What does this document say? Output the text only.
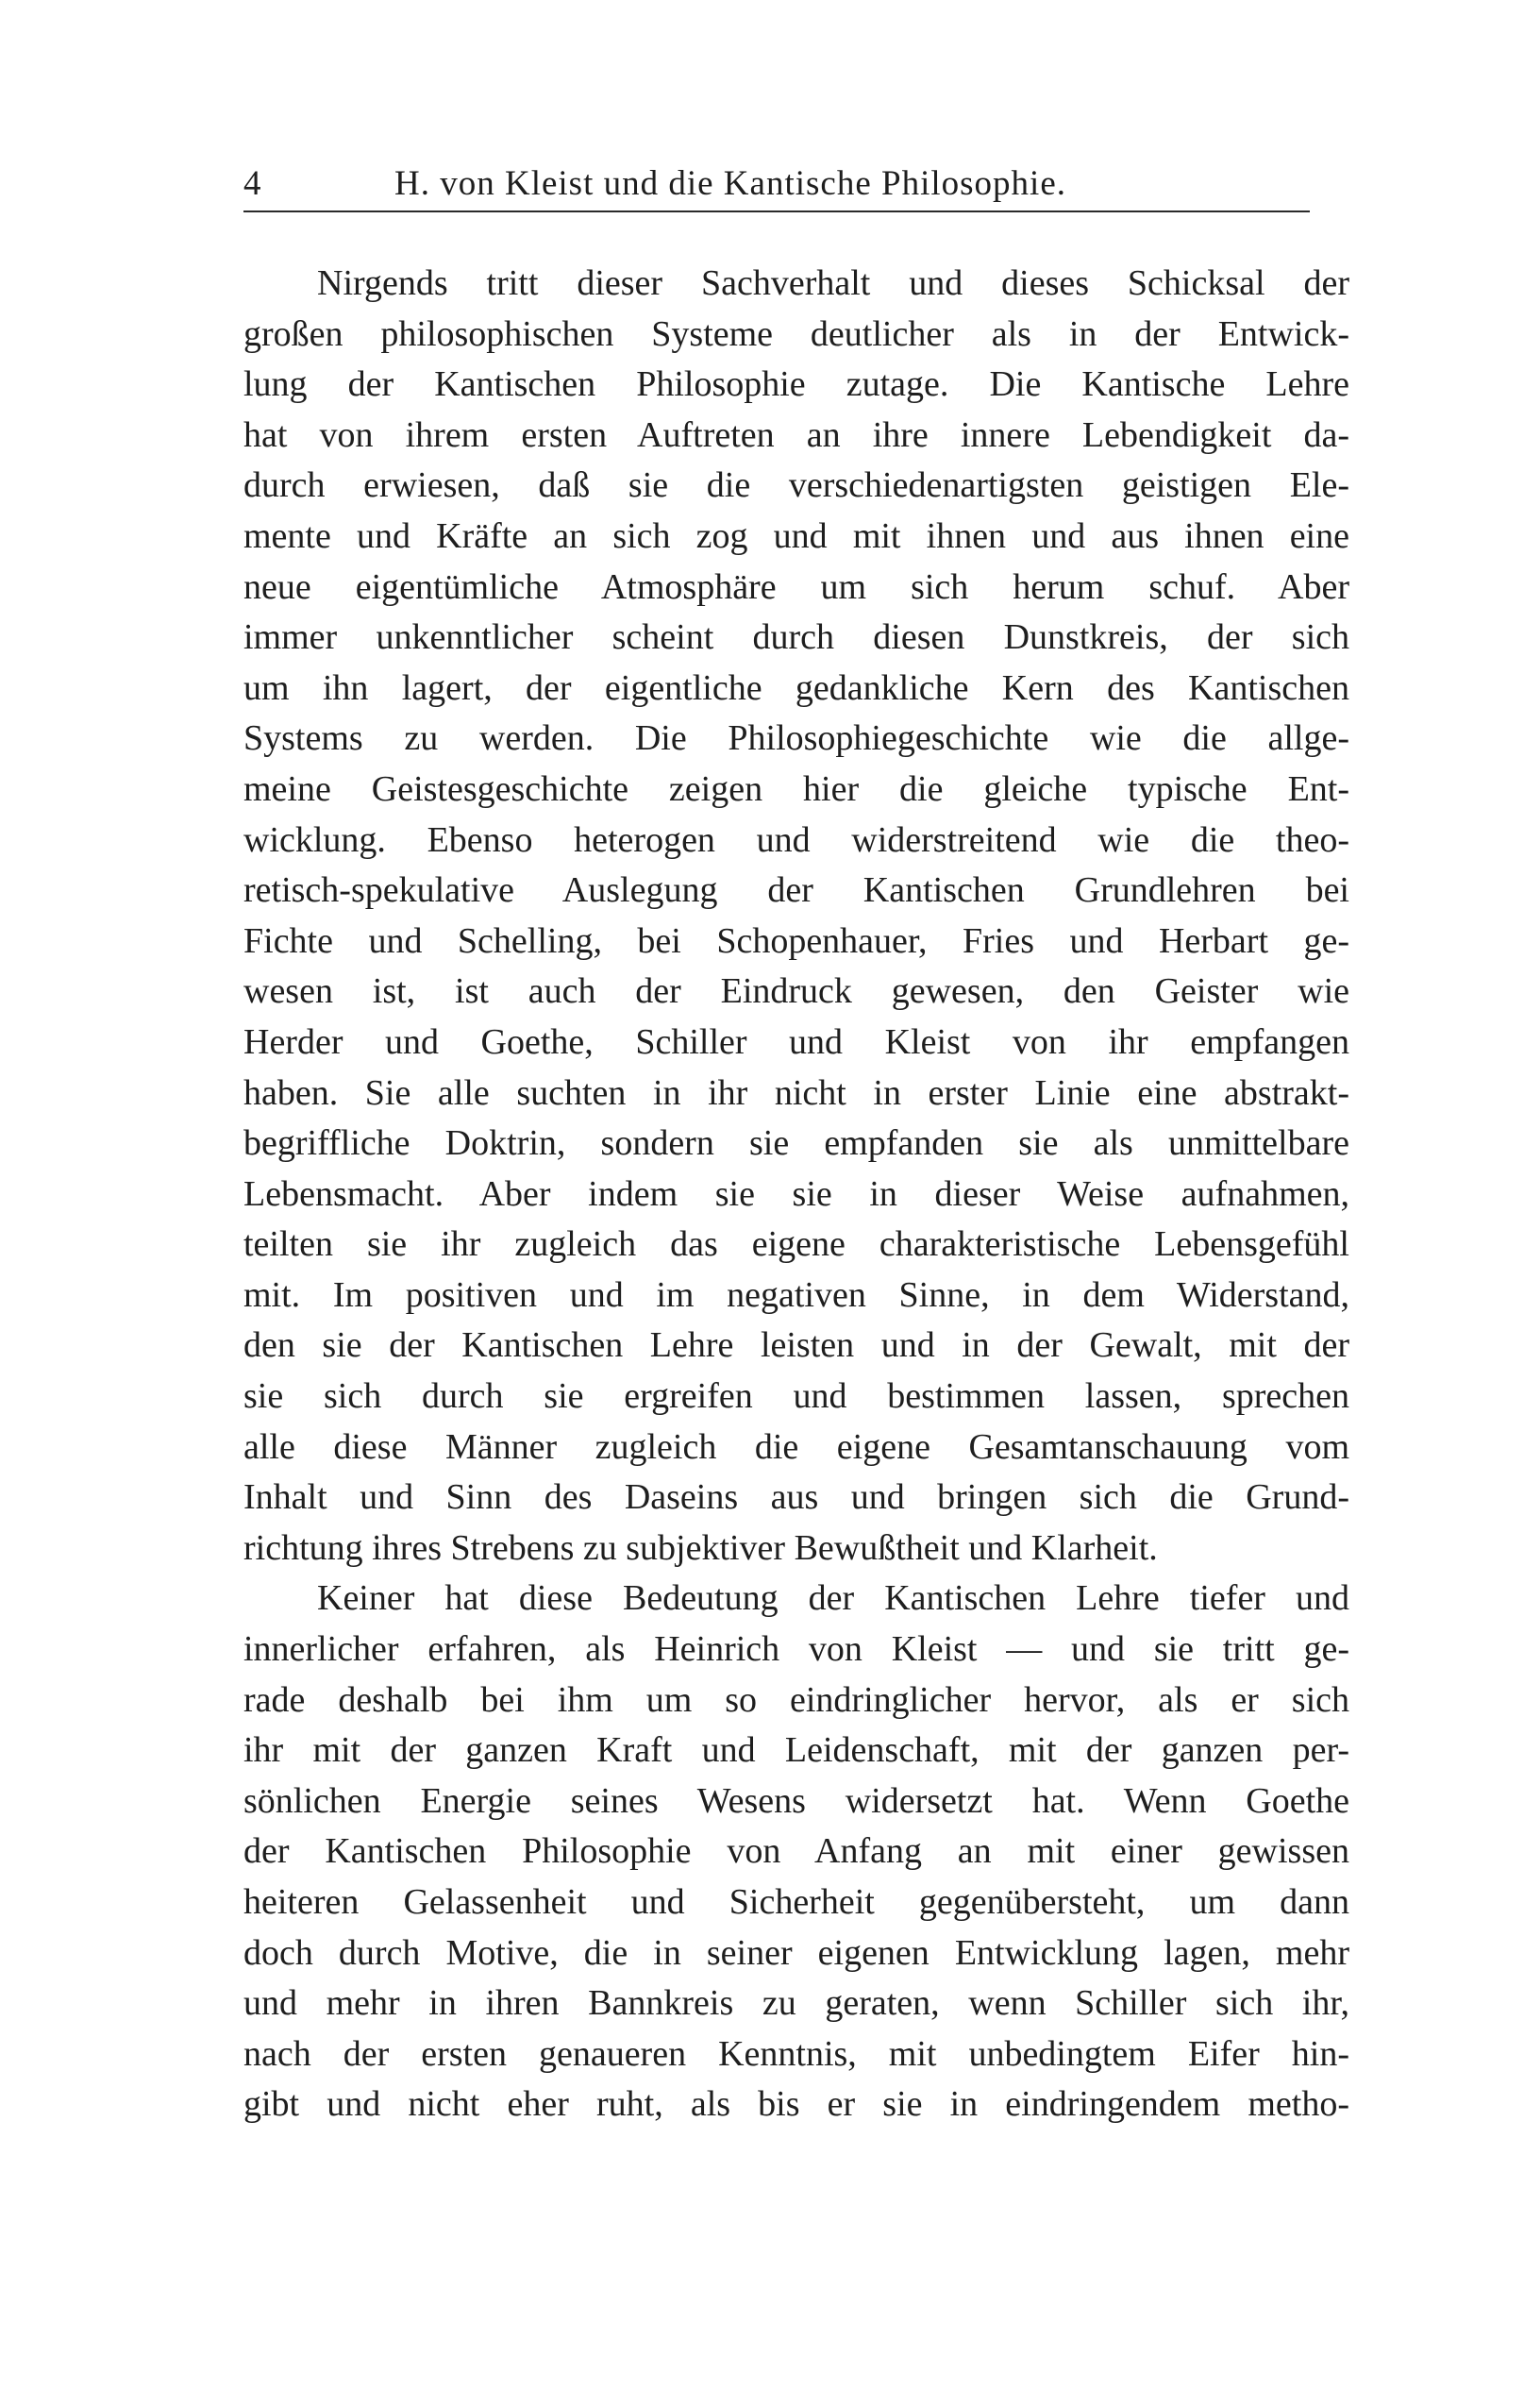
4	H. von Kleist und die Kantische Philosophie.
Nirgends tritt dieser Sachverhalt und dieses Schicksal der
großen philosophischen Systeme deutlicher als in der Entwick-
lung der Kantischen Philosophie zutage. Die Kantische Lehre
hat von ihrem ersten Auftreten an ihre innere Lebendigkeit da-
durch erwiesen, daß sie die verschiedenartigsten geistigen Ele-
mente und Kräfte an sich zog und mit ihnen und aus ihnen eine
neue eigentümliche Atmosphäre um sich herum schuf. Aber
immer unkenntlicher scheint durch diesen Dunstkreis, der sich
um ihn lagert, der eigentliche gedankliche Kern des Kantischen
Systems zu werden. Die Philosophiegeschichte wie die allge-
meine Geistesgeschichte zeigen hier die gleiche typische Ent-
wicklung. Ebenso heterogen und widerstreitend wie die theo-
retisch-spekulative Auslegung der Kantischen Grundlehren bei
Fichte und Schelling, bei Schopenhauer, Fries und Herbart ge-
wesen ist, ist auch der Eindruck gewesen, den Geister wie
Herder und Goethe, Schiller und Kleist von ihr empfangen
haben. Sie alle suchten in ihr nicht in erster Linie eine abstrakt-
begriffliche Doktrin, sondern sie empfanden sie als unmittelbare
Lebensmacht. Aber indem sie sie in dieser Weise aufnahmen,
teilten sie ihr zugleich das eigene charakteristische Lebensgefühl
mit. Im positiven und im negativen Sinne, in dem Widerstand,
den sie der Kantischen Lehre leisten und in der Gewalt, mit der
sie sich durch sie ergreifen und bestimmen lassen, sprechen
alle diese Männer zugleich die eigene Gesamtanschauung vom
Inhalt und Sinn des Daseins aus und bringen sich die Grund-
richtung ihres Strebens zu subjektiver Bewußtheit und Klarheit.
Keiner hat diese Bedeutung der Kantischen Lehre tiefer und
innerlicher erfahren, als Heinrich von Kleist — und sie tritt ge-
rade deshalb bei ihm um so eindringlicher hervor, als er sich
ihr mit der ganzen Kraft und Leidenschaft, mit der ganzen per-
sönlichen Energie seines Wesens widersetzt hat. Wenn Goethe
der Kantischen Philosophie von Anfang an mit einer gewissen
heiteren Gelassenheit und Sicherheit gegenübersteht, um dann
doch durch Motive, die in seiner eigenen Entwicklung lagen, mehr
und mehr in ihren Bannkreis zu geraten, wenn Schiller sich ihr,
nach der ersten genaueren Kenntnis, mit unbedingtem Eifer hin-
gibt und nicht eher ruht, als bis er sie in eindringendem metho-
